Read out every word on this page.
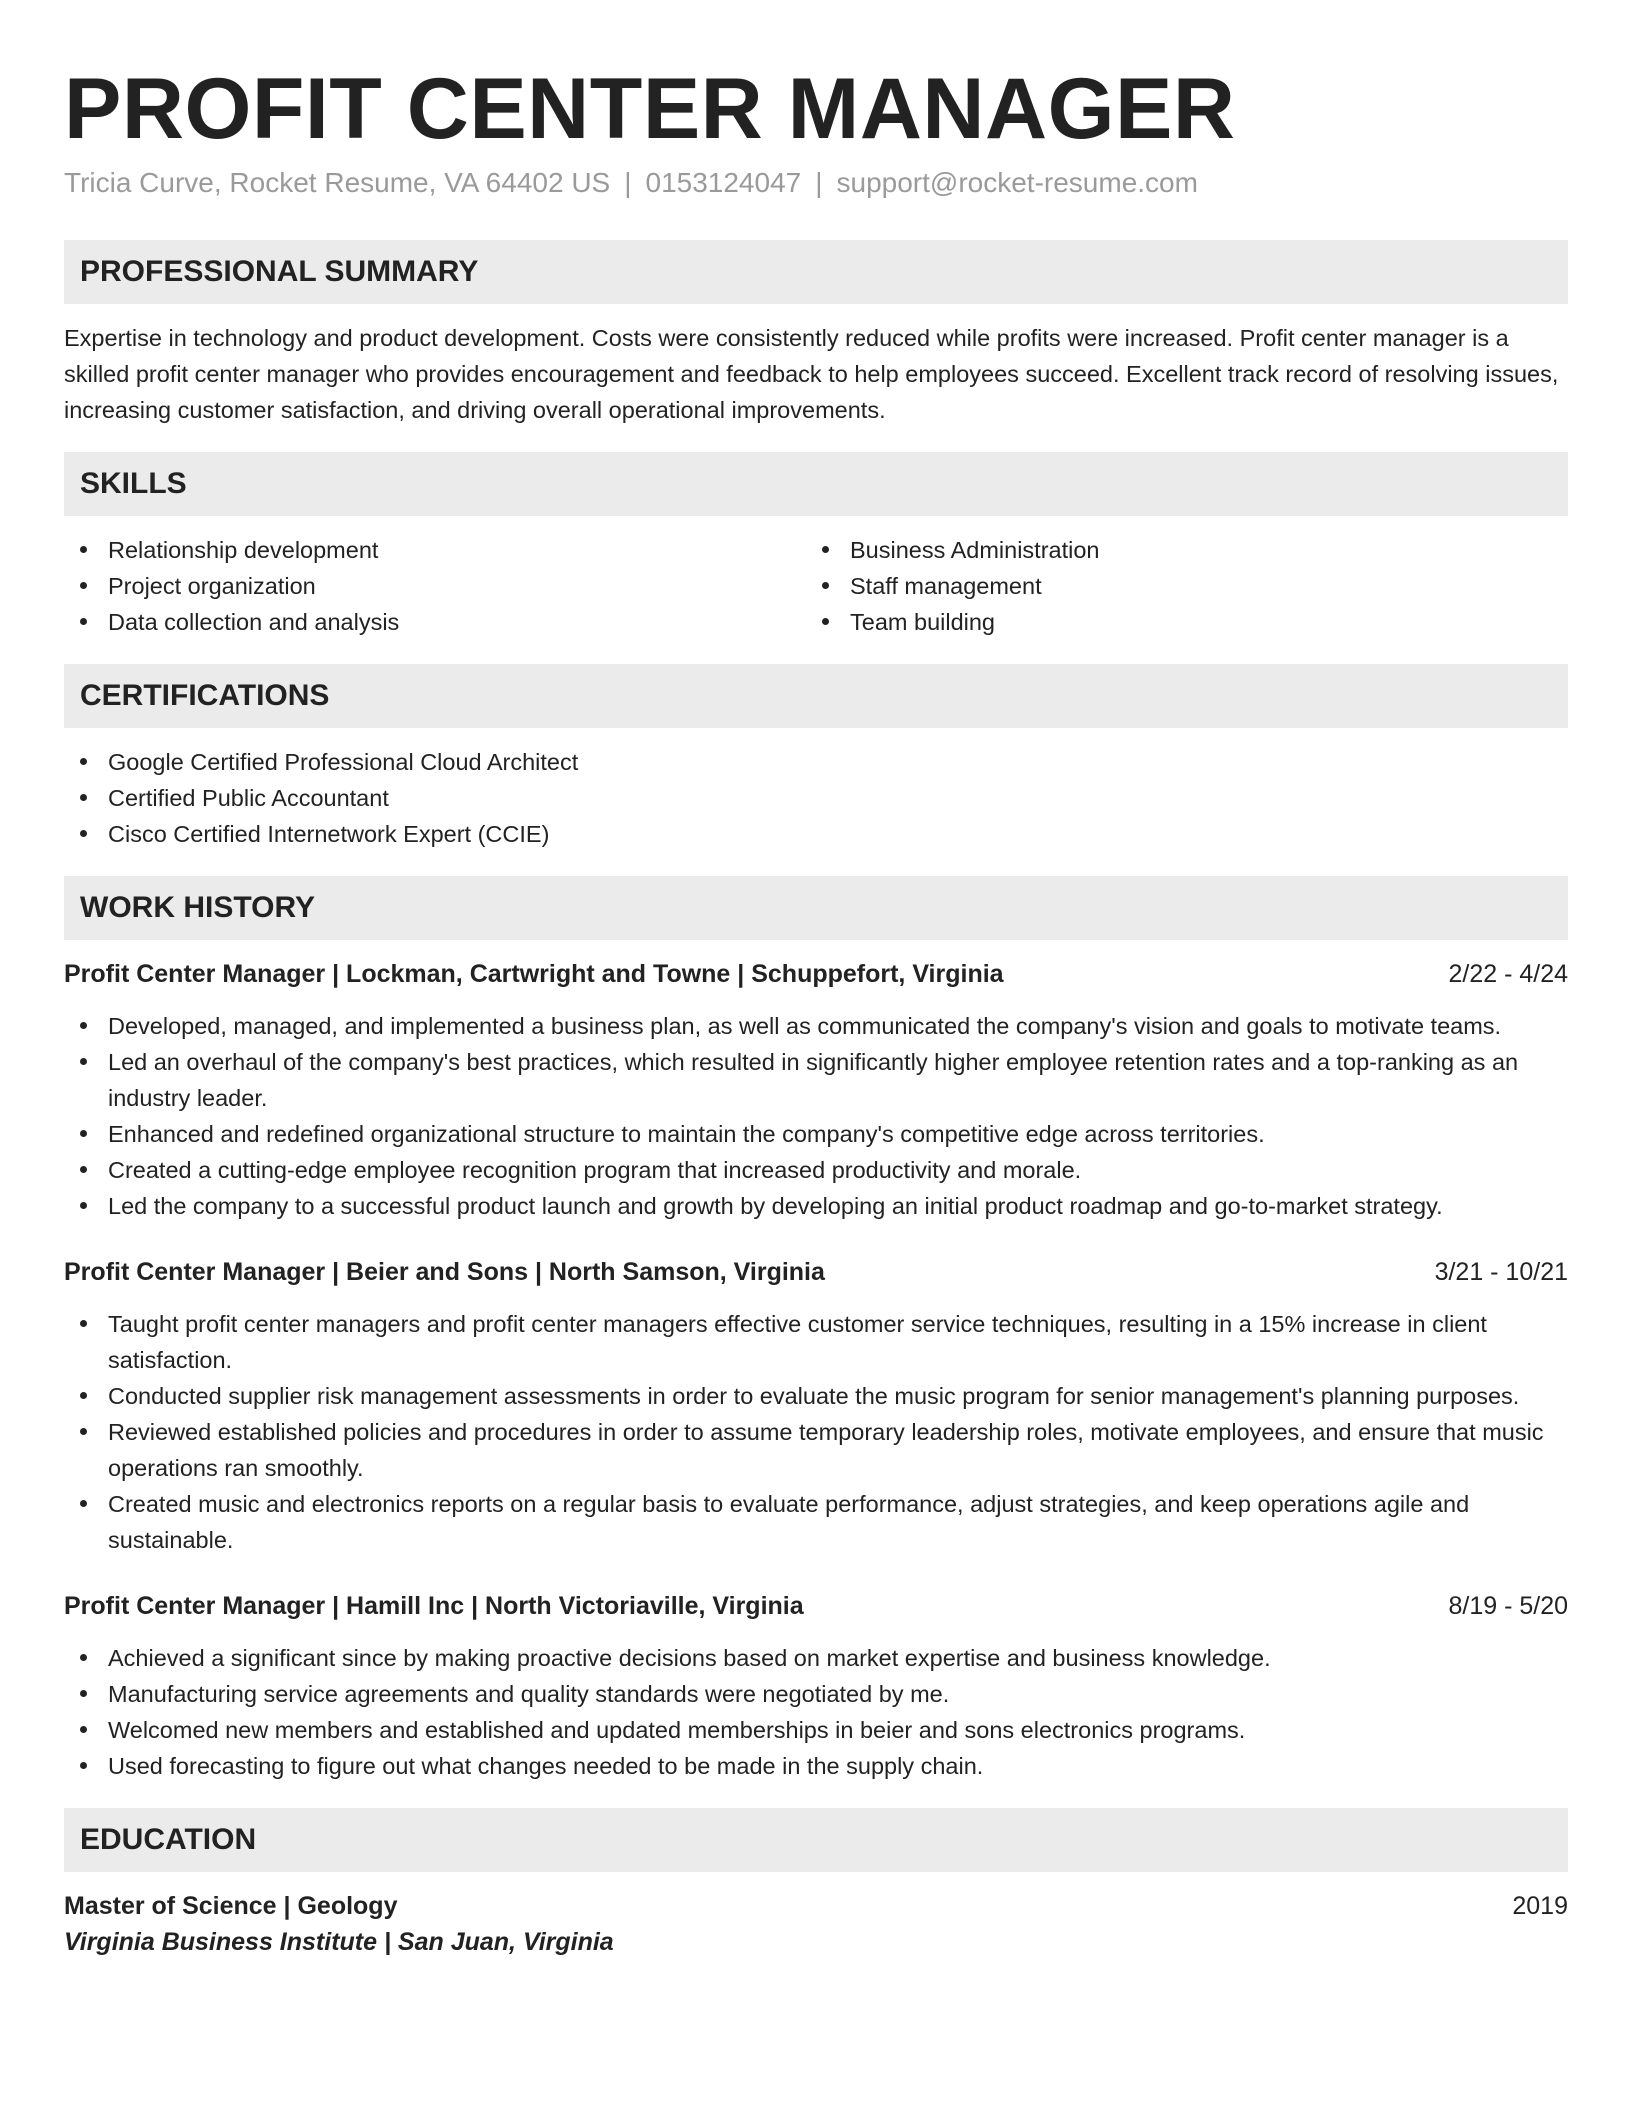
PROFIT CENTER MANAGER
Tricia Curve, Rocket Resume, VA 64402 US | 0153124047 | support@rocket-resume.com
PROFESSIONAL SUMMARY
Expertise in technology and product development. Costs were consistently reduced while profits were increased. Profit center manager is a skilled profit center manager who provides encouragement and feedback to help employees succeed. Excellent track record of resolving issues, increasing customer satisfaction, and driving overall operational improvements.
SKILLS
Relationship development
Project organization
Data collection and analysis
Business Administration
Staff management
Team building
CERTIFICATIONS
Google Certified Professional Cloud Architect
Certified Public Accountant
Cisco Certified Internetwork Expert (CCIE)
WORK HISTORY
Profit Center Manager | Lockman, Cartwright and Towne | Schuppefort, Virginia	2/22 - 4/24
Developed, managed, and implemented a business plan, as well as communicated the company's vision and goals to motivate teams.
Led an overhaul of the company's best practices, which resulted in significantly higher employee retention rates and a top-ranking as an industry leader.
Enhanced and redefined organizational structure to maintain the company's competitive edge across territories.
Created a cutting-edge employee recognition program that increased productivity and morale.
Led the company to a successful product launch and growth by developing an initial product roadmap and go-to-market strategy.
Profit Center Manager | Beier and Sons | North Samson, Virginia	3/21 - 10/21
Taught profit center managers and profit center managers effective customer service techniques, resulting in a 15% increase in client satisfaction.
Conducted supplier risk management assessments in order to evaluate the music program for senior management's planning purposes.
Reviewed established policies and procedures in order to assume temporary leadership roles, motivate employees, and ensure that music operations ran smoothly.
Created music and electronics reports on a regular basis to evaluate performance, adjust strategies, and keep operations agile and sustainable.
Profit Center Manager | Hamill Inc | North Victoriaville, Virginia	8/19 - 5/20
Achieved a significant since by making proactive decisions based on market expertise and business knowledge.
Manufacturing service agreements and quality standards were negotiated by me.
Welcomed new members and established and updated memberships in beier and sons electronics programs.
Used forecasting to figure out what changes needed to be made in the supply chain.
EDUCATION
Master of Science | Geology	2019
Virginia Business Institute | San Juan, Virginia
